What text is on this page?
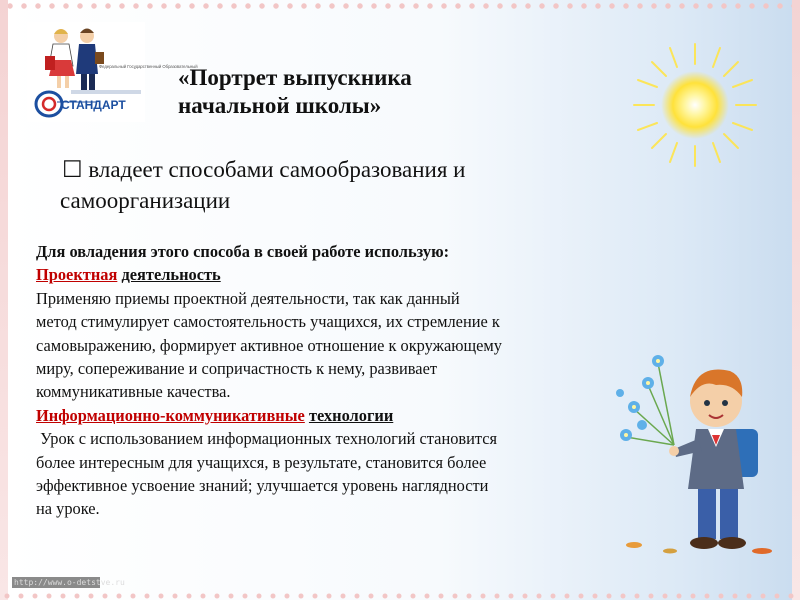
Федеральный Государственный Образовательный
СТАНДАРТ
«Портрет выпускника
начальной школы»
☐ владеет способами самообразования и
самоорганизации

Для овладения этого способа в своей работе использую:

Проектная деятельность

Применяю приемы проектной деятельности, так как данный

метод стимулирует самостоятельность учащихся, их стремление к

самовыражению, формирует активное отношение к окружающему

миру, сопереживание и сопричастность к нему, развивает

коммуникативные качества.

Информационно-коммуникативные технологии

Урок с использованием информационных технологий становится

более интересным для учащихся, в результате, становится более

эффективное усвоение знаний; улучшается уровень наглядности

на уроке.

http://www.o-detstve.ru
